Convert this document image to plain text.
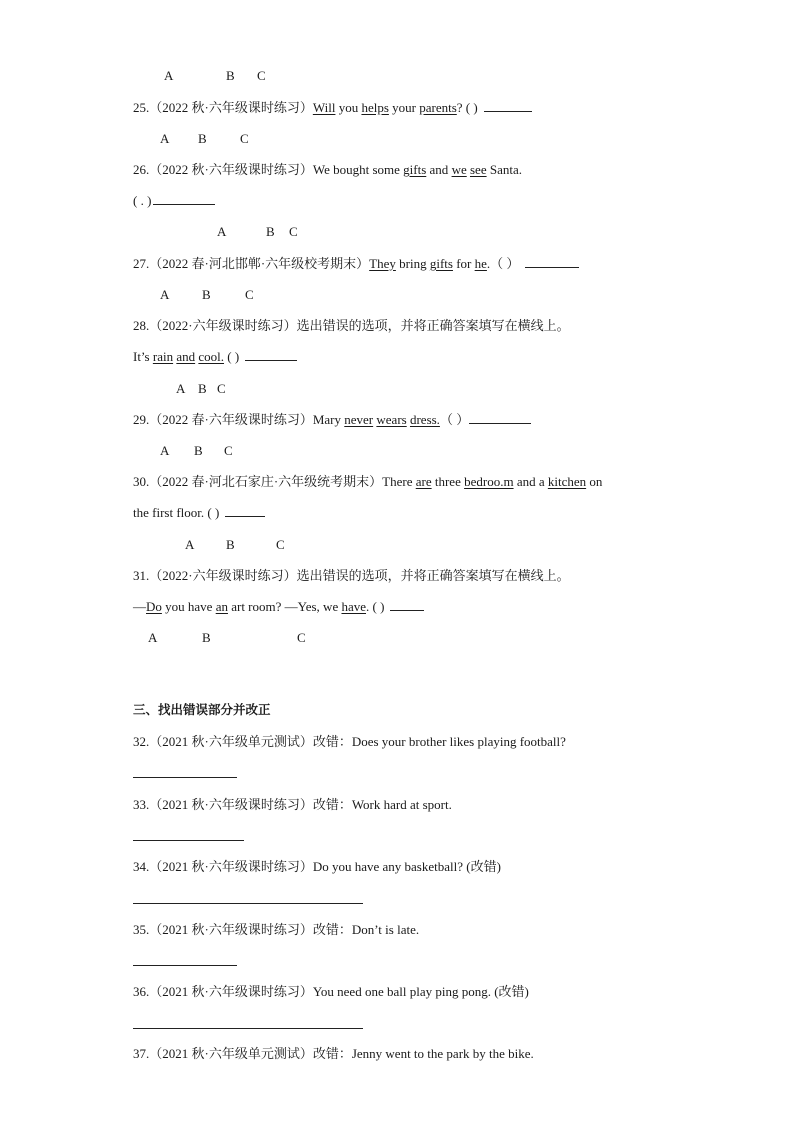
A	B C
25.（2022 秋·六年级课时练习）Will you helps your parents? ( )
A B	C
26.（2022 秋·六年级课时练习）We bought some gifts and we see Santa.
( . )
A	B C
27.（2022 春·河北邯郸·六年级校考期末）They bring gifts for he.（ ）
A	B	C
28.（2022·六年级课时练习）选出错误的选项，并将正确答案填写在横线上。
It’s rain and cool. ( )
A B C
29.（2022 春·六年级课时练习）Mary never wears dress.（ ）
A B C
30.（2022 春·河北石家庄·六年级统考期末）There are three bedroo.m and a kitchen on
the first floor. ( )
A B	C
31.（2022·六年级课时练习）选出错误的选项，并将正确答案填写在横线上。
—Do you have an art room? —Yes, we have. ( )
A	B	C
三、找出错误部分并改正
32.（2021 秋·六年级单元测试）改错：Does your brother likes playing football?
33.（2021 秋·六年级课时练习）改错：Work hard at sport.
34.（2021 秋·六年级课时练习）Do you have any basketball? (改错)
35.（2021 秋·六年级课时练习）改错：Don’t is late.
36.（2021 秋·六年级课时练习）You need one ball play ping pong. (改错)
37.（2021 秋·六年级单元测试）改错：Jenny went to the park by the bike.
